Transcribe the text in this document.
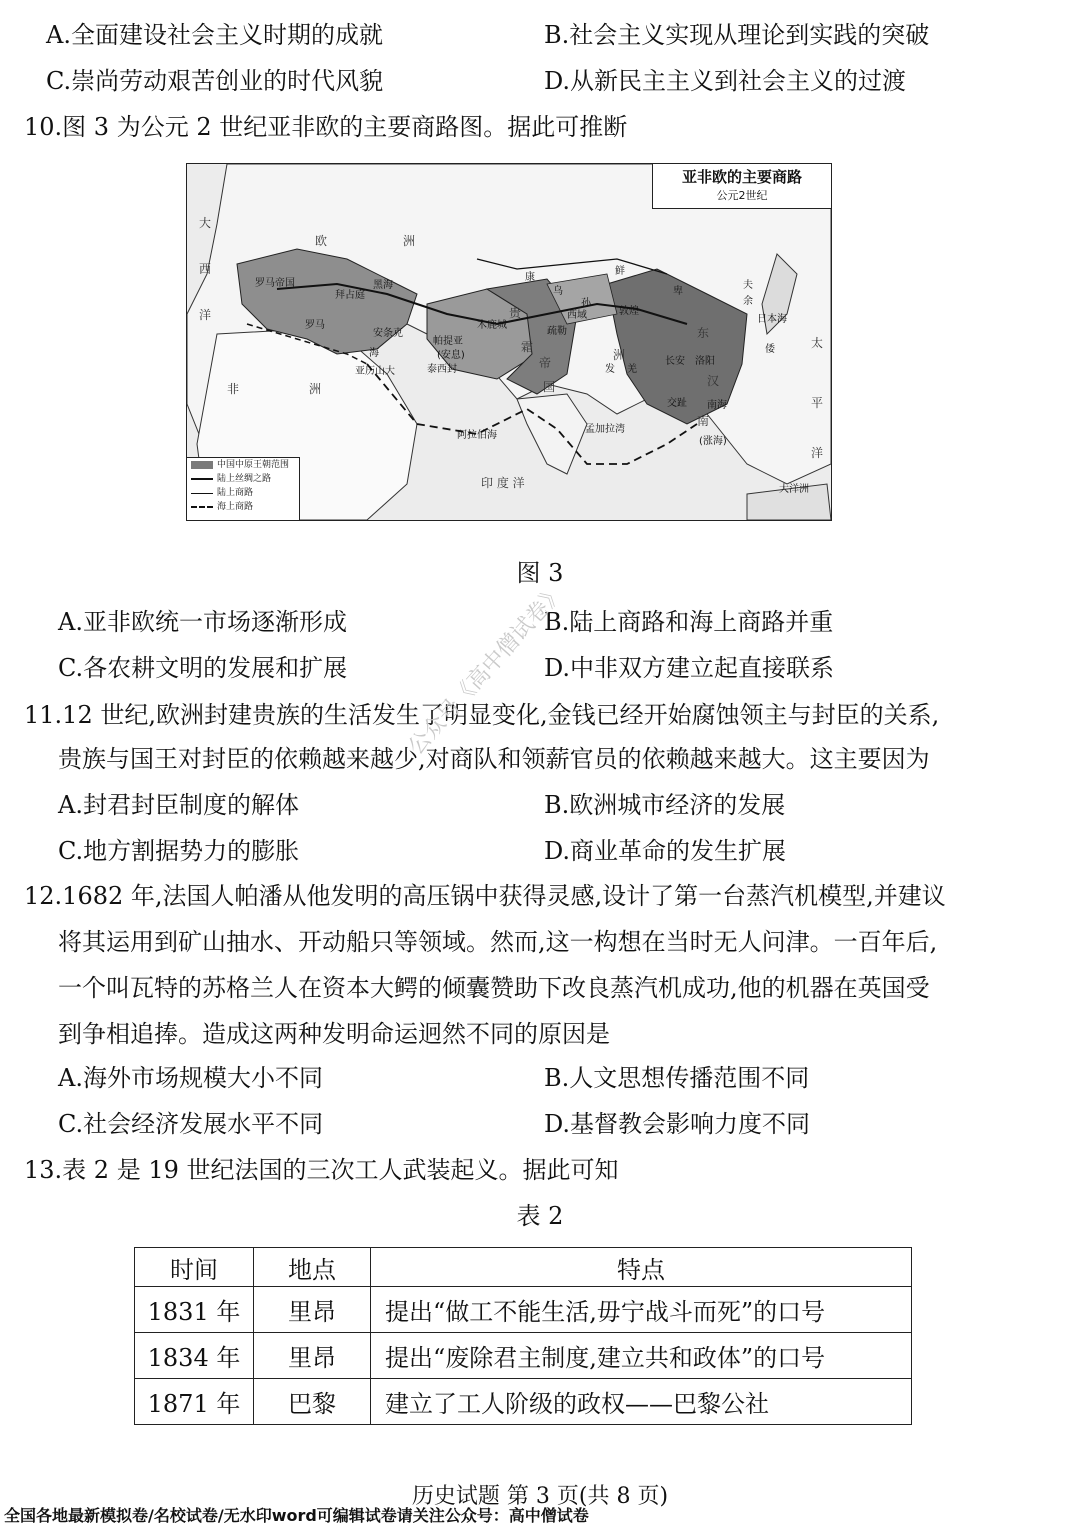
A.全面建设社会主义时期的成就	B.社会主义实现从理论到实践的突破
C.崇尚劳动艰苦创业的时代风貌	D.从新民主主义到社会主义的过渡
10.图 3 为公元 2 世纪亚非欧的主要商路图。据此可推断
亚非欧的主要商路
公元2世纪
大
西
洋
欧	洲
罗马帝国
罗马
拜占庭
黑海
安条克
海
亚历山大
非	洲
帕提亚
(安息)
泰西封
贵
霜
帝
国
木鹿城
西域
疏勒
敦煌
康
乌
孙
鲜
卑
长安 洛阳
汉
东
交趾 南海
夫
余
倭
日本海
印 度 洋
阿拉伯海
孟加拉湾
太
平
洋
大洋洲
洲
发 羌
南
(涨海)
中国中原王朝范围
陆上丝绸之路
陆上商路
海上商路
图 3
A.亚非欧统一市场逐渐形成	B.陆上商路和海上商路并重
C.各农耕文明的发展和扩展	D.中非双方建立起直接联系
11.12 世纪,欧洲封建贵族的生活发生了明显变化,金钱已经开始腐蚀领主与封臣的关系,
贵族与国王对封臣的依赖越来越少,对商队和领薪官员的依赖越来越大。这主要因为
A.封君封臣制度的解体	B.欧洲城市经济的发展
C.地方割据势力的膨胀	D.商业革命的发生扩展
公众号《高中僧试卷》
12.1682 年,法国人帕潘从他发明的高压锅中获得灵感,设计了第一台蒸汽机模型,并建议
将其运用到矿山抽水、开动船只等领域。然而,这一构想在当时无人问津。一百年后,
一个叫瓦特的苏格兰人在资本大鳄的倾囊赞助下改良蒸汽机成功,他的机器在英国受
到争相追捧。造成这两种发明命运迥然不同的原因是
A.海外市场规模大小不同	B.人文思想传播范围不同
C.社会经济发展水平不同	D.基督教会影响力度不同
13.表 2 是 19 世纪法国的三次工人武装起义。据此可知
表 2
时间	地点	特点
1831 年	里昂	提出“做工不能生活,毋宁战斗而死”的口号
1834 年	里昂	提出“废除君主制度,建立共和政体”的口号
1871 年	巴黎	建立了工人阶级的政权——巴黎公社
历史试题 第 3 页(共 8 页)
全国各地最新模拟卷/名校试卷/无水印word可编辑试卷请关注公众号：高中僧试卷
